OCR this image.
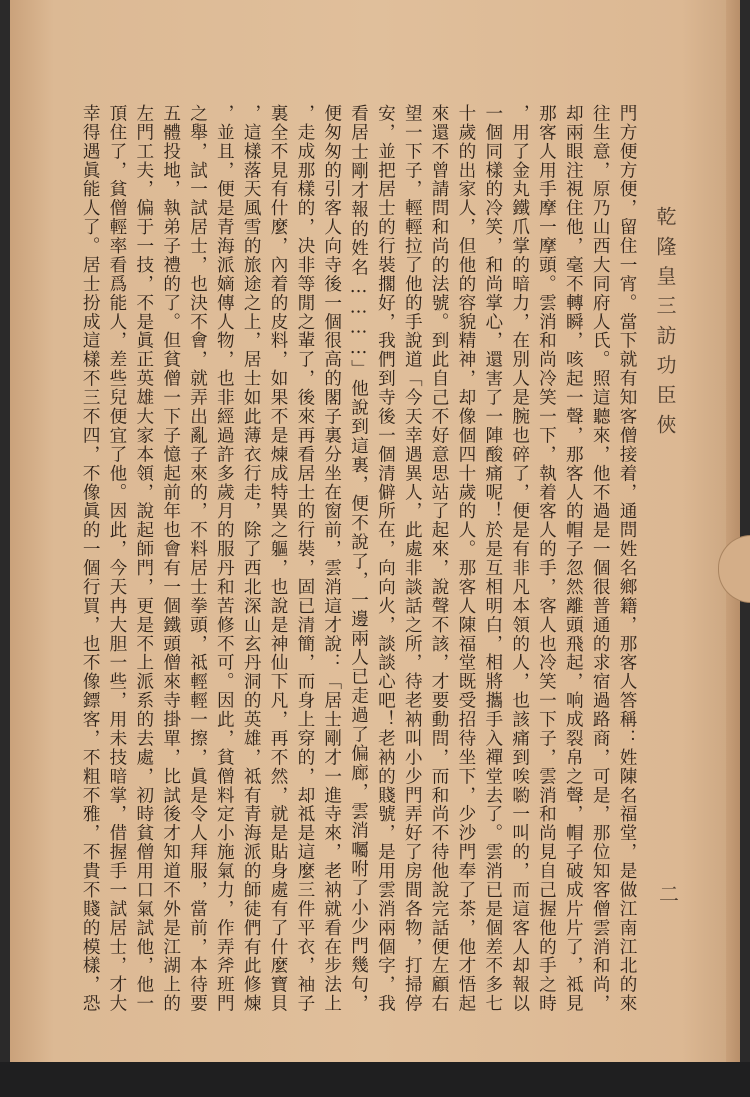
乾隆皇三訪功臣俠
二
門方便方便，留住一宵。當下就有知客僧接着，通問姓名鄉籍，那客人答稱：姓陳名福堂，是做江南江北的來
往生意，原乃山西大同府人氏。照這聽來，他不過是一個很普通的求宿過路商，可是，那位知客僧雲消和尚，
却兩眼注視住他，毫不轉瞬，咳起一聲，那客人的帽子忽然離頭飛起，响成裂帛之聲，帽子破成片片了，祗見
那客人用手摩一摩頭。雲消和尚冷笑一下，執着客人的手，客人也冷笑一下子，雲消和尚見自己握他的手之時
，用了金丸鐵爪掌的暗力，在別人是腕也碎了，便是有非凡本領的人，也該痛到唉喲一叫的，而這客人却報以
一個同樣的冷笑，和尚掌心，還害了一陣酸痛呢！於是互相明白，相將攜手入禪堂去了。雲消已是個差不多七
十歲的出家人，但他的容貌精神，却像個四十歲的人。那客人陳福堂既受招待坐下，少沙門奉了茶，他才悟起
來還不曾請問和尚的法號。到此自己不好意思站了起來，說聲不該，才要動問，而和尚不待他說完話便左顧右
望一下子，輕輕拉了他的手說道「今天幸遇異人，此處非談話之所，待老衲叫小少門弄好了房間各物，打掃停
安，並把居士的行裝擱好，我們到寺後一個清僻所在，向向火，談談心吧！老衲的賤號，是用雲消兩個字，我
看居士剛才報的姓名…………」他說到這裏，便不說了，一邊兩人已走過了偏廊，雲消囑咐了小少門幾句，
便匆匆的引客人向寺後一個很高的閣子裏分坐在窗前，雲消這才說：「居士剛才一進寺來，老衲就看在步法上
，走成那樣的，决非等閒之輩了，後來再看居士的行裝，固已清簡，而身上穿的，却祗是這麼三件平衣，袖子
裏全不見有什麼，內着的皮料，如果不是煉成特異之軀，也說是神仙下凡，再不然，就是貼身處有了什麼寶貝
，這樣落天風雪的旅途之上，居士如此薄衣行走，除了西北深山玄丹洞的英雄，祗有青海派的師徒們有此修煉
，並且，便是青海派嫡傳人物，也非經過許多歲月的服丹和苦修不可。因此，貧僧料定小施氣力，作弄斧班門
之舉，試一試居士，也決不會，就弄出亂子來的，不料居士拳頭，祗輕輕一擦，眞是令人拜服，當前，本待要
五體投地，執弟子禮的了。但貧僧一下子憶起前年也會有一個鐵頭僧來寺掛單，比試後才知道不外是江湖上的
左門工夫，偏于一技，不是眞正英雄大家本領，說起師門，更是不上派系的去處，初時貧僧用口氣試他，他一
頂住了，貧僧輕率看爲能人，差些兒便宜了他。因此，今天冉大胆一些，用未技暗掌，借握手一試居士，才大
幸得遇眞能人了。居士扮成這樣不三不四，不像眞的一個行買，也不像鏢客，不粗不雅，不貴不賤的模樣，恐
